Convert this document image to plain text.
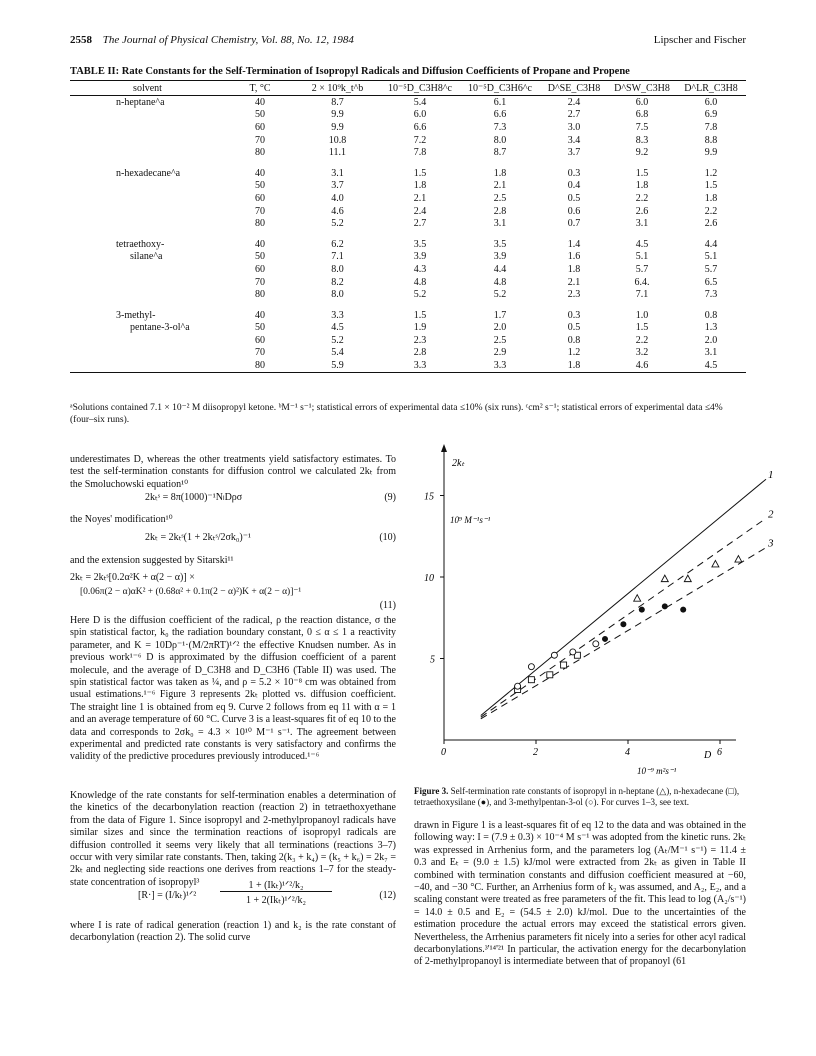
2558 The Journal of Physical Chemistry, Vol. 88, No. 12, 1984	Lipscher and Fischer
TABLE II: Rate Constants for the Self-Termination of Isopropyl Radicals and Diffusion Coefficients of Propane and Propene
solvent	T, °C	2 × 10⁹k_t^b	10⁻⁵D_C3H8^c	10⁻⁵D_C3H6^c	D^SE_C3H8	D^SW_C3H8	D^LR_C3H8
n-heptane^a	40	8.7	5.4	6.1	2.4	6.0	6.0
	50	9.9	6.0	6.6	2.7	6.8	6.9
	60	9.9	6.6	7.3	3.0	7.5	7.8
	70	10.8	7.2	8.0	3.4	8.3	8.8
	80	11.1	7.8	8.7	3.7	9.2	9.9

n-hexadecane^a	40	3.1	1.5	1.8	0.3	1.5	1.2
	50	3.7	1.8	2.1	0.4	1.8	1.5
	60	4.0	2.1	2.5	0.5	2.2	1.8
	70	4.6	2.4	2.8	0.6	2.6	2.2
	80	5.2	2.7	3.1	0.7	3.1	2.6

tetraethoxy-	40	6.2	3.5	3.5	1.4	4.5	4.4
silane^a	50	7.1	3.9	3.9	1.6	5.1	5.1
	60	8.0	4.3	4.4	1.8	5.7	5.7
	70	8.2	4.8	4.8	2.1	6.4.	6.5
	80	8.0	5.2	5.2	2.3	7.1	7.3

3-methyl-	40	3.3	1.5	1.7	0.3	1.0	0.8
pentane-3-ol^a	50	4.5	1.9	2.0	0.5	1.5	1.3
	60	5.2	2.3	2.5	0.8	2.2	2.0
	70	5.4	2.8	2.9	1.2	3.2	3.1
	80	5.9	3.3	3.3	1.8	4.6	4.5
ᵃSolutions contained 7.1 × 10⁻² M diisopropyl ketone. ᵇM⁻¹ s⁻¹; statistical errors of experimental data ≤10% (six runs). ᶜcm² s⁻¹; statistical errors of experimental data ≤4% (four–six runs).
underestimates D, whereas the other treatments yield satisfactory estimates. To test the self-termination constants for diffusion control we calculated 2kₜ from the Smoluchowski equation¹⁰
2kₜˢ = 8π(1000)⁻¹NₗDρσ	(9)
the Noyes' modification¹⁰
2kₜ = 2kₜˢ(1 + 2kₜˢ/2σk₀)⁻¹	(10)
and the extension suggested by Sitarski¹¹
2kₜ = 2kₜˢ[0.2α²K + α(2 − α)] ×
[0.06π(2 − α)αK² + (0.68α² + 0.1π(2 − α)²)K + α(2 − α)]⁻¹
(11)
Here D is the diffusion coefficient of the radical, ρ the reaction distance, σ the spin statistical factor, k₀ the radiation boundary constant, 0 ≤ α ≤ 1 a reactivity parameter, and K = 10Dρ⁻¹·(M/2πRT)¹ᐟ² the effective Knudsen number. As in previous work¹⁻⁶ D is approximated by the diffusion coefficient of a parent molecule, and the average of D_C3H8 and D_C3H6 (Table II) was used. The spin statistical factor was taken as ¼, and ρ = 5.2 × 10⁻⁸ cm was obtained from usual estimations.¹⁻⁶ Figure 3 represents 2kₜ plotted vs. diffusion coefficient. The straight line 1 is obtained from eq 9. Curve 2 follows from eq 11 with α = 1 and an average temperature of 60 °C. Curve 3 is a least-squares fit of eq 10 to the data and corresponds to 2σk₀ = 4.3 × 10¹⁰ M⁻¹ s⁻¹. The agreement between experimental and predicted rate constants is very satisfactory and confirms the validity of the predictive procedures previously introduced.¹⁻⁶
Knowledge of the rate constants for self-termination enables a determination of the kinetics of the decarbonylation reaction (reaction 2) in tetraethoxyethane from the data of Figure 1. Since isopropyl and 2-methylpropanoyl radicals have similar sizes and since the termination reactions of isopropyl radicals are diffusion controlled it seems very likely that all terminations (reactions 3–7) occur with very similar rate constants. Then, taking 2(k₃ + k₄) = (k₅ + k₆) = 2k₇ = 2kₜ and neglecting side reactions one derives from reactions 1–7 for the steady-state concentration of isopropyl³
[R·] = (I/kₜ)¹ᐟ²
1 + (Ikₜ)¹ᐟ²/k₂
1 + 2(Ikₜ)¹ᐟ²/k₂	(12)
where I is rate of radical generation (reaction 1) and k₂ is the rate constant of decarbonylation (reaction 2). The solid curve
2kₜ
10⁹ M⁻¹s⁻¹
D
10⁻⁹ m²s⁻¹
0	2	4	6
5
10
15
1
2
3
Figure 3. Self-termination rate constants of isopropyl in n-heptane (△), n-hexadecane (□), tetraethoxysilane (●), and 3-methylpentan-3-ol (○). For curves 1–3, see text.
drawn in Figure 1 is a least-squares fit of eq 12 to the data and was obtained in the following way: I = (7.9 ± 0.3) × 10⁻⁴ M s⁻¹ was adopted from the kinetic runs. 2kₜ was expressed in Arrhenius form, and the parameters log (Aₜ/M⁻¹ s⁻¹) = 11.4 ± 0.3 and Eₜ = (9.0 ± 1.5) kJ/mol were extracted from 2kₜ as given in Table II combined with termination constants and diffusion coefficient measured at −60, −40, and −30 °C. Further, an Arrhenius form of k₂ was assumed, and A₂, E₂, and a scaling constant were treated as free parameters of the fit. This lead to log (A₂/s⁻¹) = 14.0 ± 0.5 and E₂ = (54.5 ± 2.0) kJ/mol. Due to the uncertainties of the estimation procedure the actual errors may exceed the statistical errors given. Nevertheless, the Arrhenius parameters fit nicely into a series for other acyl radical decarbonylations.³'¹⁴'²¹ In particular, the activation energy for the decarbonylation of 2-methylpropanoyl is intermediate between that of propanoyl (61
